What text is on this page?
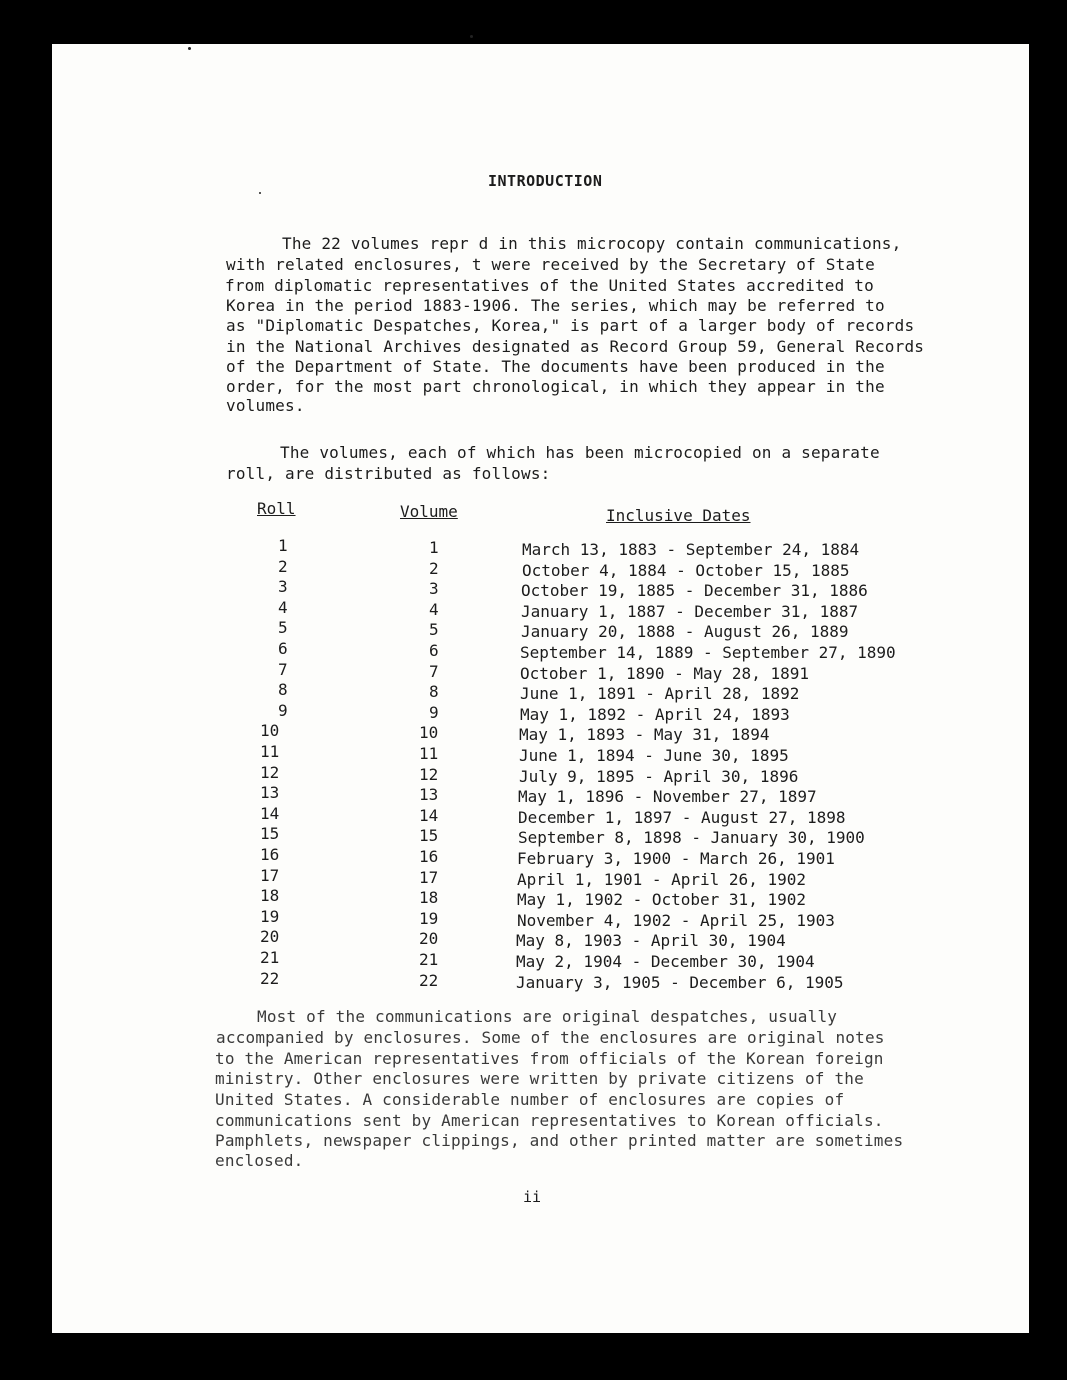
INTRODUCTION
The 22 volumes repr d in this microcopy contain communications,
with related enclosures, t were received by the Secretary of State
from diplomatic representatives of the United States accredited to
Korea in the period 1883-1906. The series, which may be referred to
as "Diplomatic Despatches, Korea," is part of a larger body of records
in the National Archives designated as Record Group 59, General Records
of the Department of State. The documents have been produced in the
order, for the most part chronological, in which they appear in the
volumes.
The volumes, each of which has been microcopied on a separate
roll, are distributed as follows:
Roll	Volume	Inclusive Dates
1	1	March 13, 1883 - September 24, 1884
2	2	October 4, 1884 - October 15, 1885
3	3	October 19, 1885 - December 31, 1886
4	4	January 1, 1887 - December 31, 1887
5	5	January 20, 1888 - August 26, 1889
6	6	September 14, 1889 - September 27, 1890
7	7	October 1, 1890 - May 28, 1891
8	8	June 1, 1891 - April 28, 1892
9	9	May 1, 1892 - April 24, 1893
10	10	May 1, 1893 - May 31, 1894
11	11	June 1, 1894 - June 30, 1895
12	12	July 9, 1895 - April 30, 1896
13	13	May 1, 1896 - November 27, 1897
14	14	December 1, 1897 - August 27, 1898
15	15	September 8, 1898 - January 30, 1900
16	16	February 3, 1900 - March 26, 1901
17	17	April 1, 1901 - April 26, 1902
18	18	May 1, 1902 - October 31, 1902
19	19	November 4, 1902 - April 25, 1903
20	20	May 8, 1903 - April 30, 1904
21	21	May 2, 1904 - December 30, 1904
22	22	January 3, 1905 - December 6, 1905
Most of the communications are original despatches, usually
accompanied by enclosures. Some of the enclosures are original notes
to the American representatives from officials of the Korean foreign
ministry. Other enclosures were written by private citizens of the
United States. A considerable number of enclosures are copies of
communications sent by American representatives to Korean officials.
Pamphlets, newspaper clippings, and other printed matter are sometimes
enclosed.
ii
